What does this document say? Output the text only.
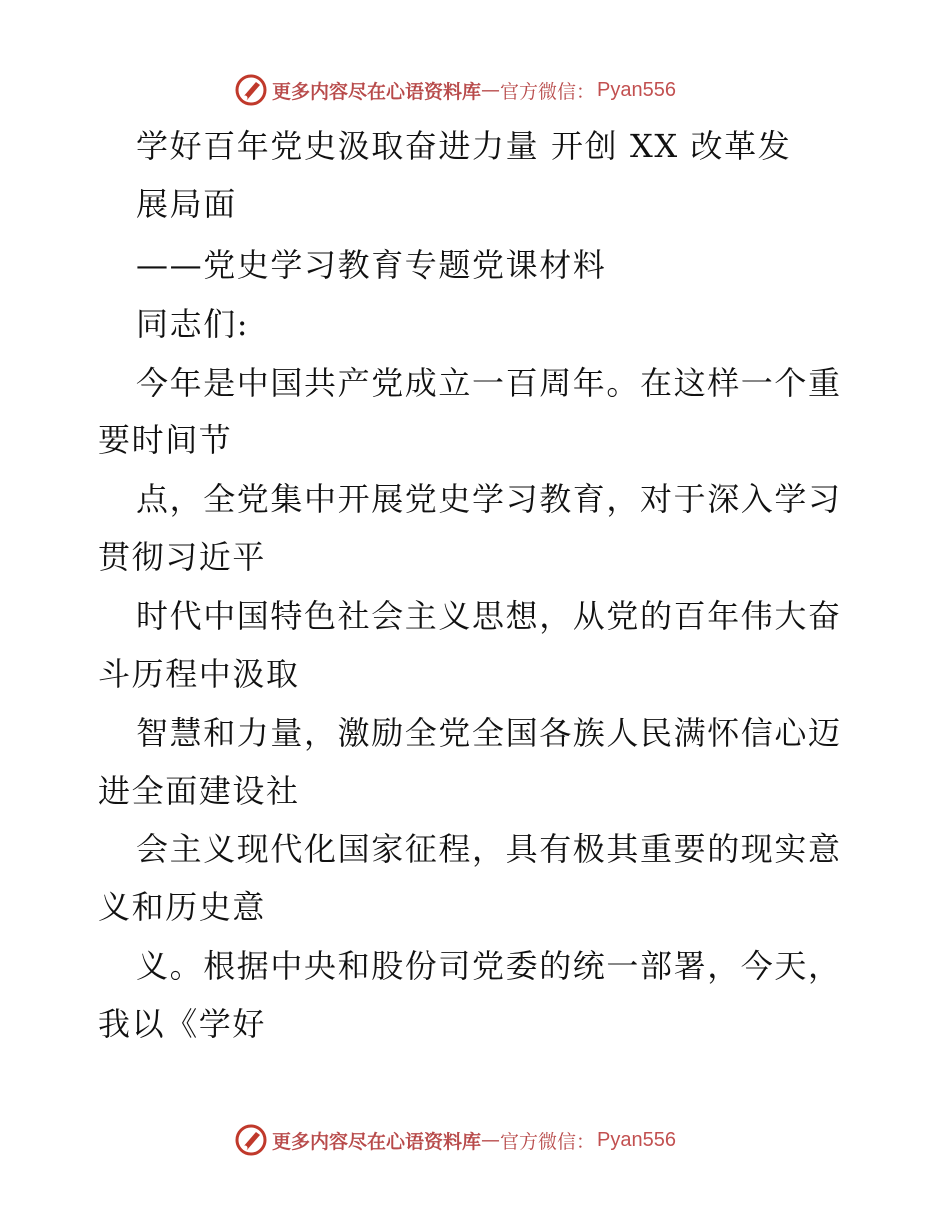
更多内容尽在心语资料库 — 官方微信： Pyan556
学好百年党史汲取奋进力量 开创 XX 改革发
展局面
——党史学习教育专题党课材料
同志们:
今年是中国共产党成立一百周年。在这样一个重
要时间节
点，全党集中开展党史学习教育，对于深入学习
贯彻习近平
时代中国特色社会主义思想，从党的百年伟大奋
斗历程中汲取
智慧和力量，激励全党全国各族人民满怀信心迈
进全面建设社
会主义现代化国家征程，具有极其重要的现实意
义和历史意
义。根据中央和股份司党委的统一部署，今天，
我以《学好
更多内容尽在心语资料库 — 官方微信： Pyan556
